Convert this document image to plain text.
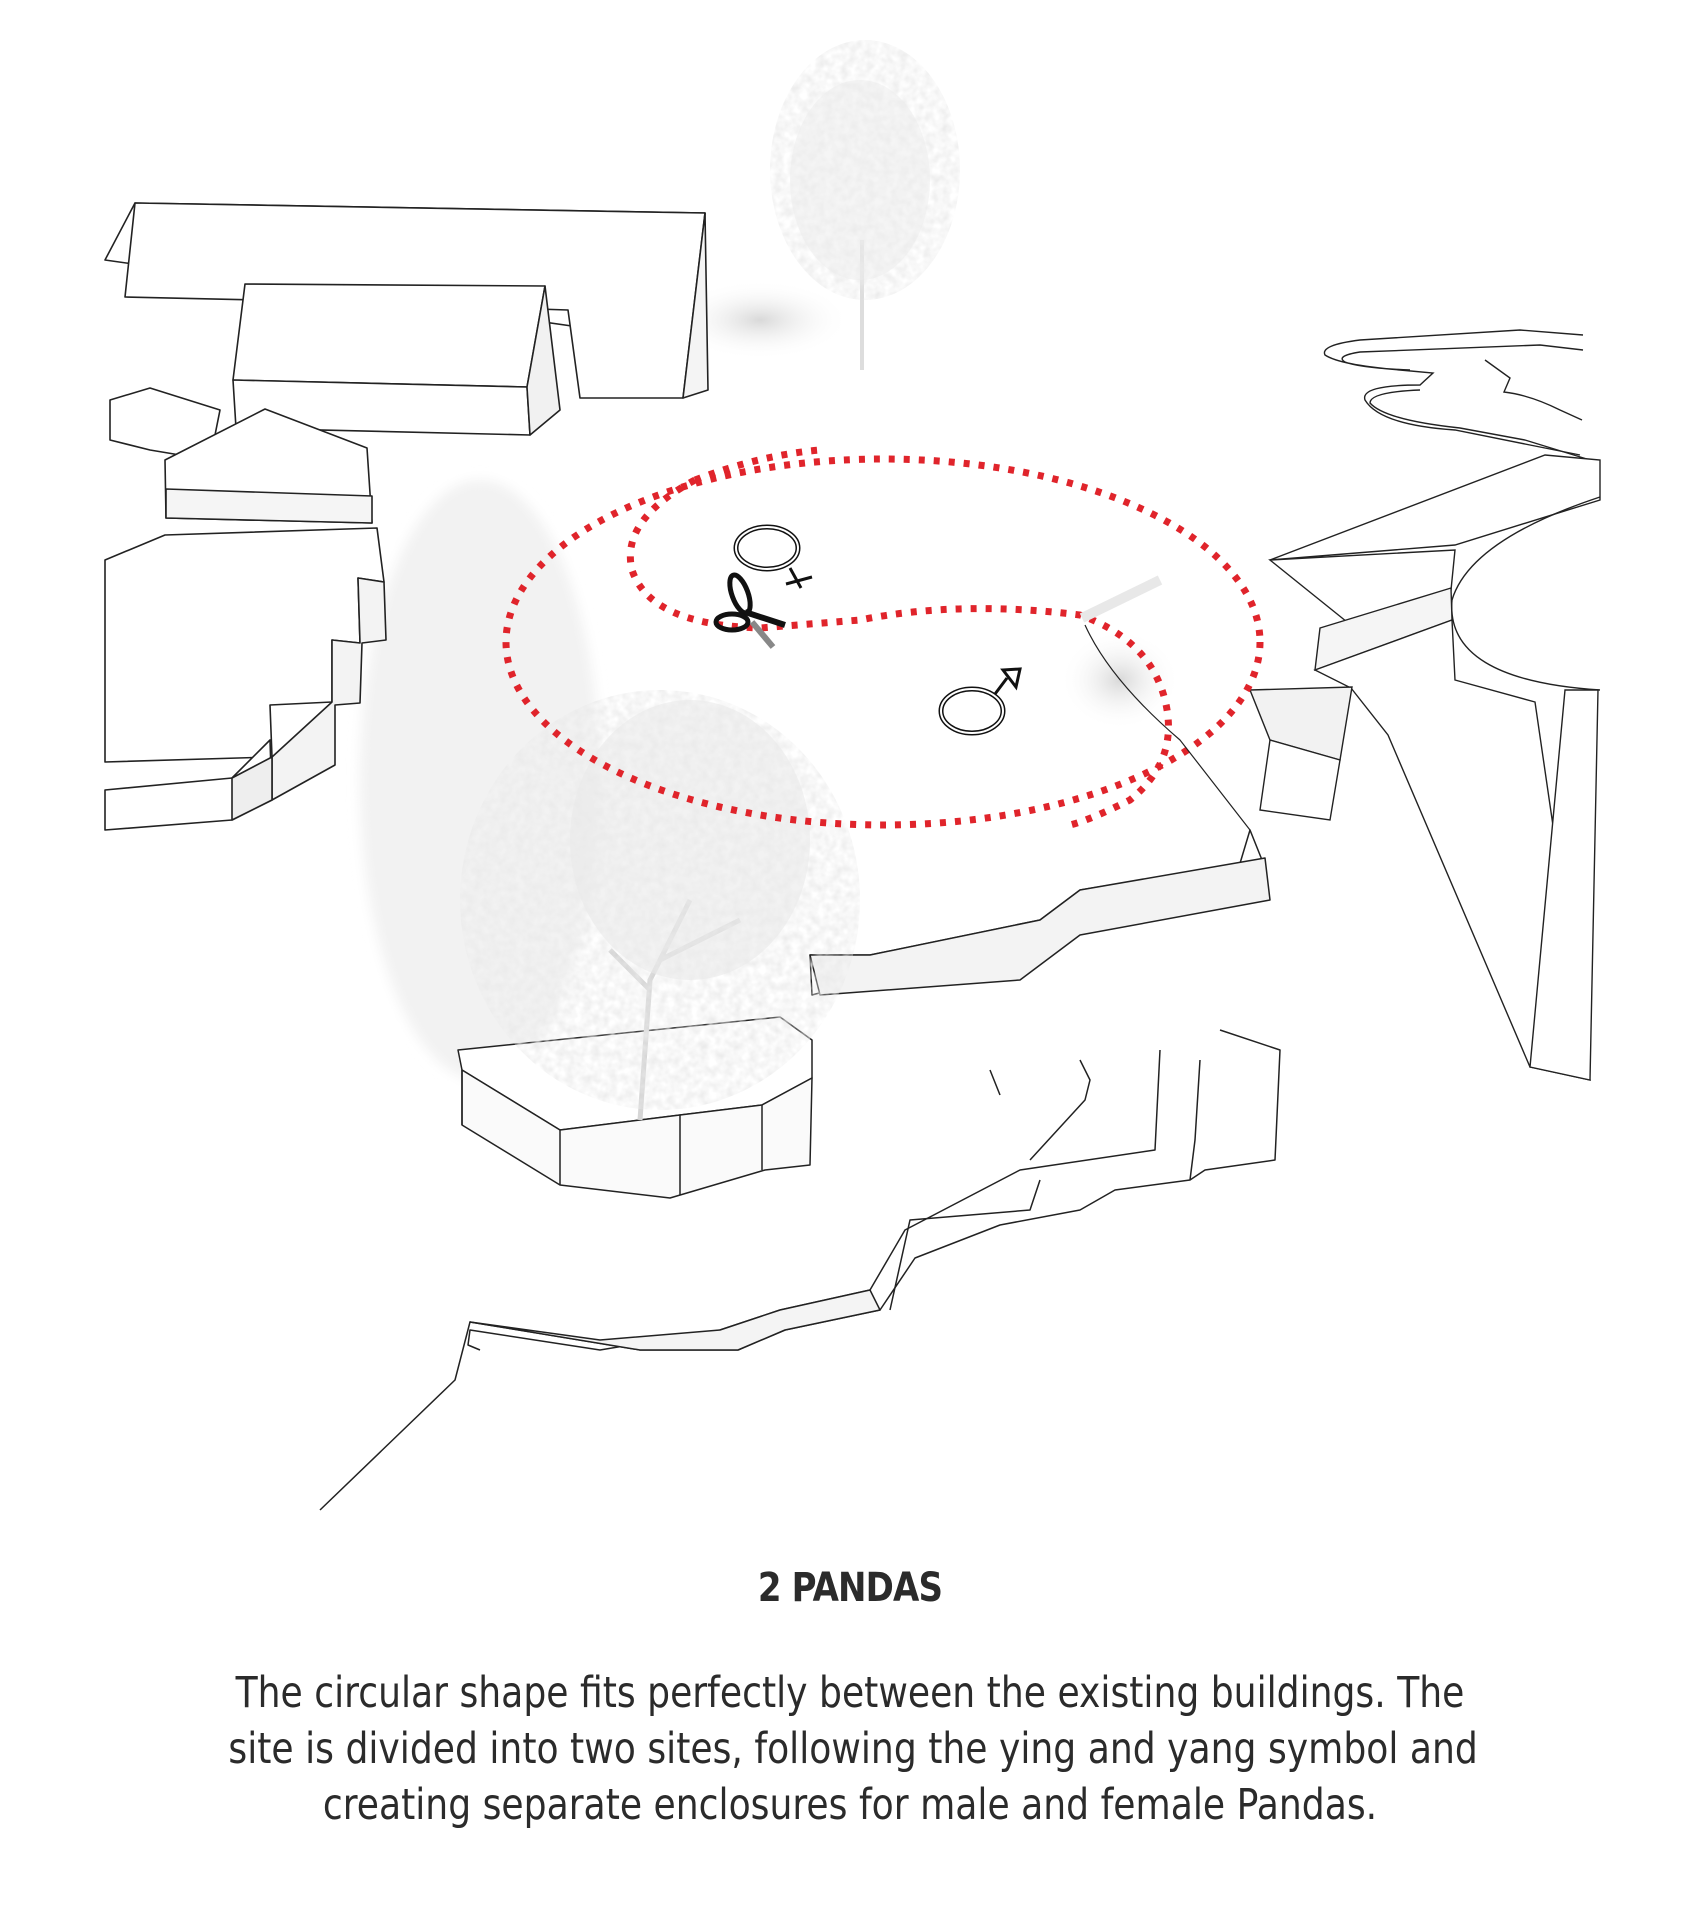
2 PANDAS
The circular shape fits perfectly between the existing buildings. The
site is divided into two sites, following the ying and yang symbol and
creating separate enclosures for male and female Pandas.
